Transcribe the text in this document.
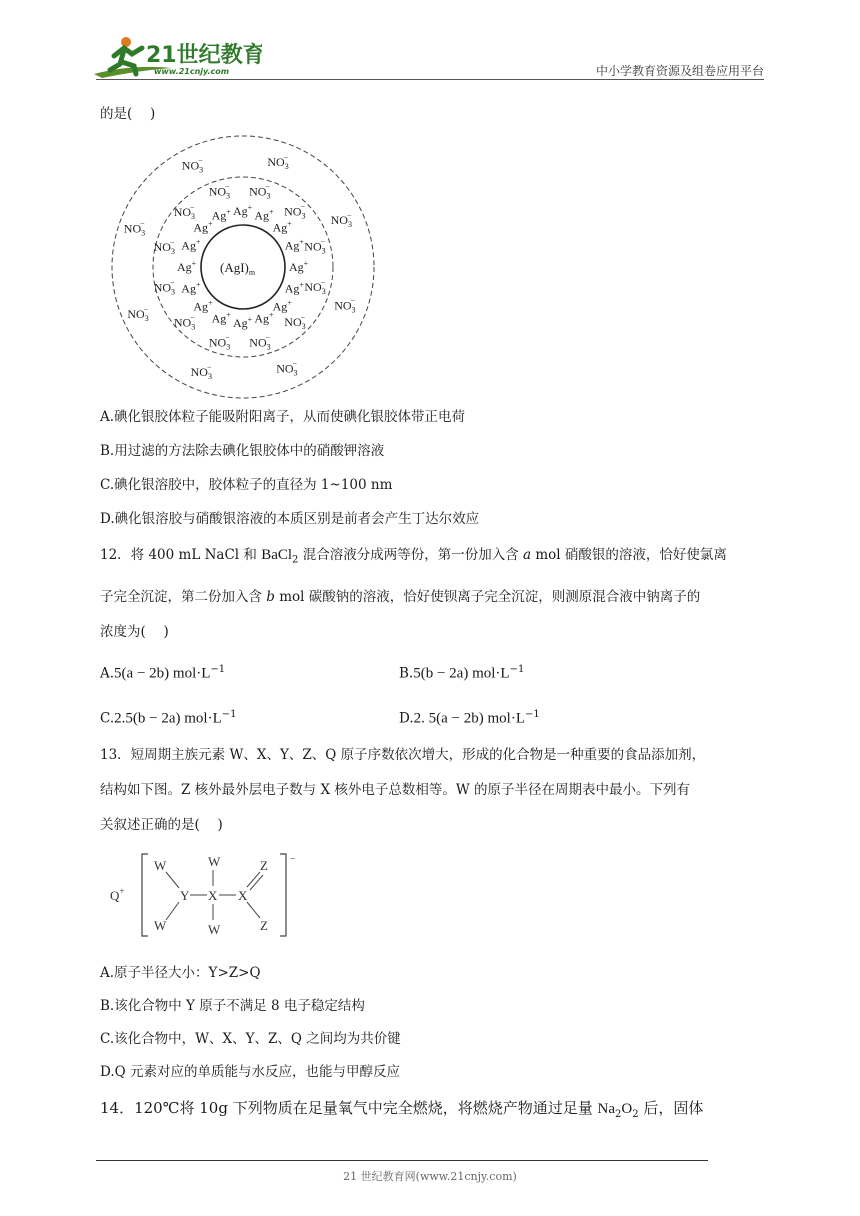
21世纪教育
www.21cnjy.com	中小学教育资源及组卷应用平台
的是(　 )
$(AgI)_m$
Ag+
Ag+
Ag+
Ag+
Ag+
Ag+
Ag+
Ag+
Ag+
Ag+
Ag+
Ag+
Ag+
Ag+
Ag+
Ag+
$NO_3-$
$NO_3-$
$NO_3-$
$NO_3-$
$NO_3-$
$NO_3-$
$NO_3-$
$NO_3-$
$NO_3-$
$NO_3-$
$NO_3-$
$NO_3-$
$NO_3-$
$NO_3-$
$NO_3-$
$NO_3-$
$NO_3-$
$NO_3-$
$NO_3-$
$NO_3-$
A.碘化银胶体粒子能吸附阳离子，从而使碘化银胶体带正电荷
B.用过滤的方法除去碘化银胶体中的硝酸钾溶液
C.碘化银溶胶中，胶体粒子的直径为 1~100 nm
D.碘化银溶胶与硝酸银溶液的本质区别是前者会产生丁达尔效应
12．将 400 mL NaCl 和 BaCl$_2$ 混合溶液分成两等份，第一份加入含 a mol 硝酸银的溶液，恰好使氯离
子完全沉淀，第二份加入含 b mol 碳酸钠的溶液，恰好使钡离子完全沉淀，则测原混合液中钠离子的
浓度为(　 )
A.5(a − 2b) $mol\cdot L^{-1}$	B.5(b − 2a) $mol\cdot L^{-1}$
C.2.5(b − 2a) $mol\cdot L^{-1}$	D.2. 5(a − 2b) $mol\cdot L^{-1}$
13．短周期主族元素 W、X、Y、Z、Q 原子序数依次增大，形成的化合物是一种重要的食品添加剂，
结构如下图。Z 核外最外层电子数与 X 核外电子总数相等。W 的原子半径在周期表中最小。下列有
关叙述正确的是(　 )
Q+
−
W
W
Y X
W
W
X
Z
Z
A.原子半径大小：Y>Z>Q
B.该化合物中 Y 原子不满足 8 电子稳定结构
C.该化合物中，W、X、Y、Z、Q 之间均为共价键
D.Q 元素对应的单质能与水反应，也能与甲醇反应
14．120℃将 10g 下列物质在足量氧气中完全燃烧，将燃烧产物通过足量 $Na_2O_2$ 后，固体
21 世纪教育网(www.21cnjy.com)
